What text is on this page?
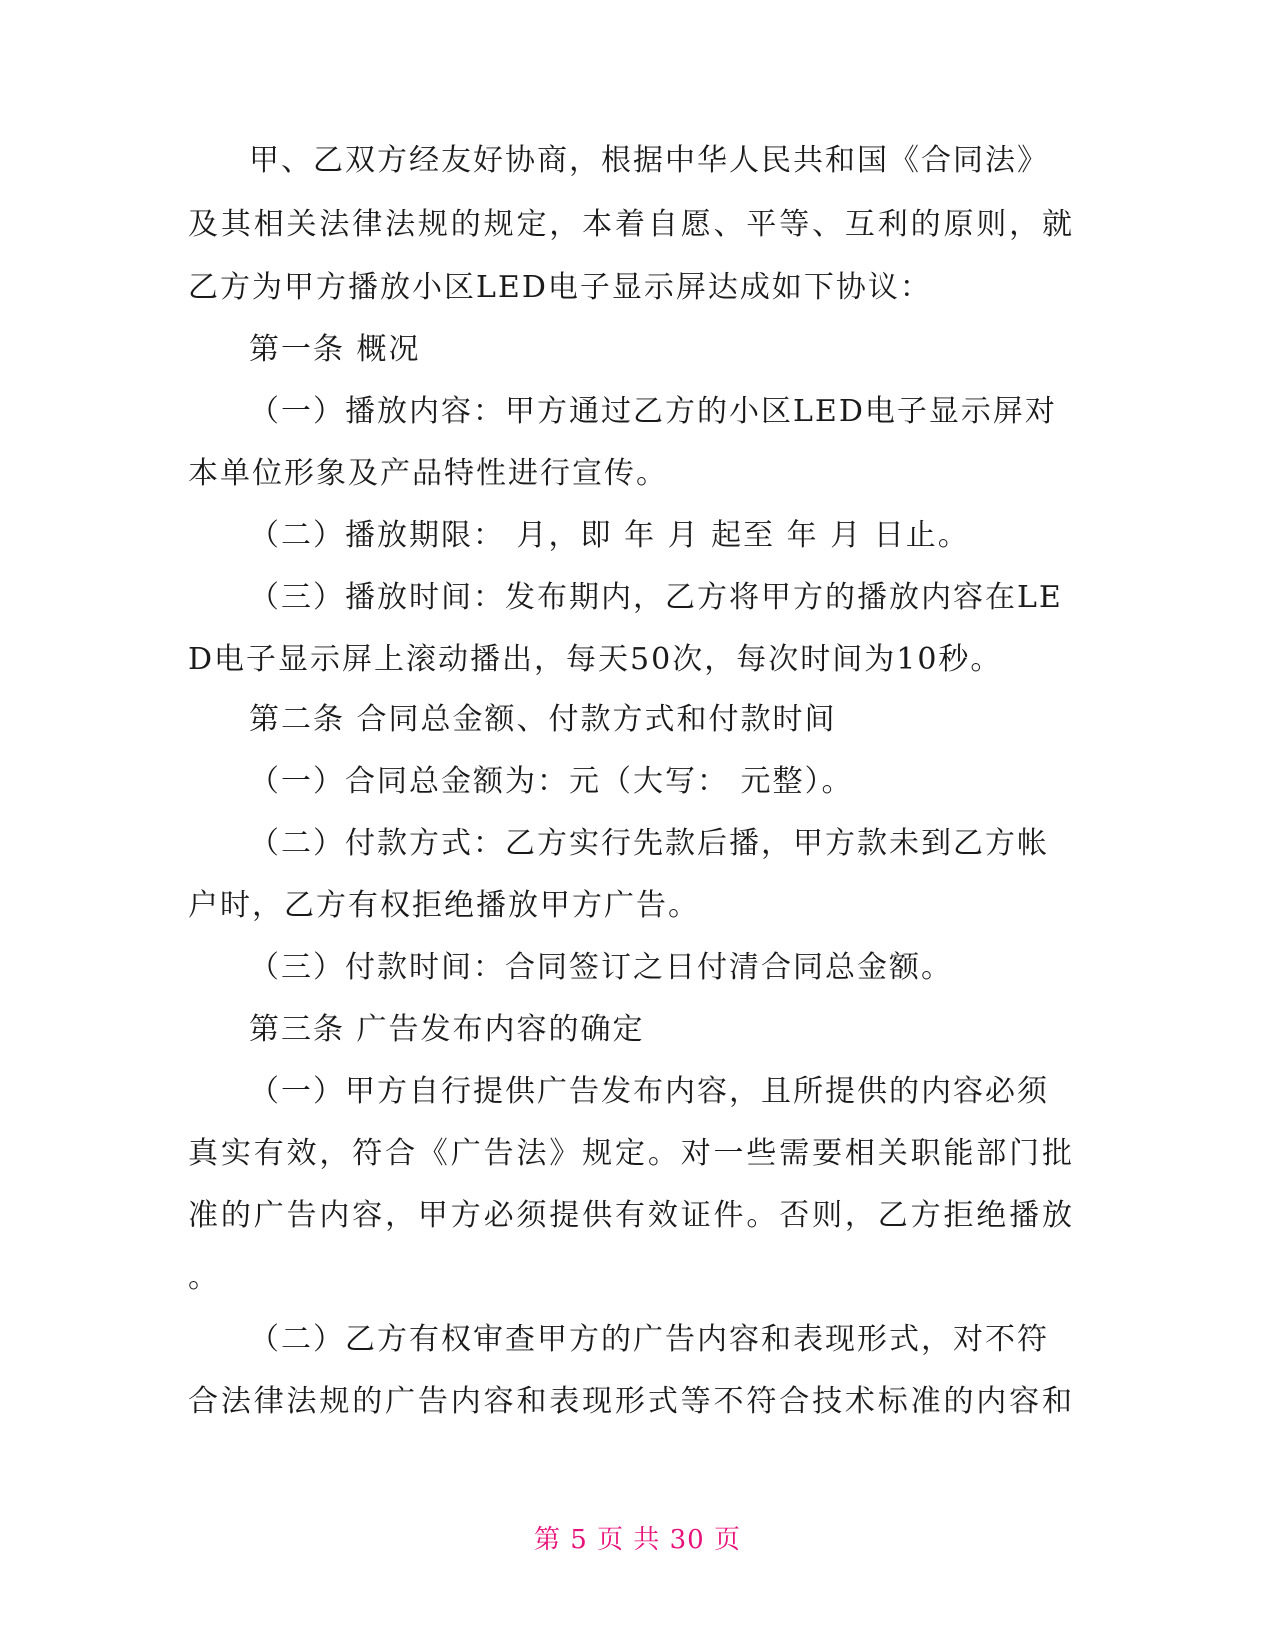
甲、乙双方经友好协商，根据中华人民共和国《合同法》
及其相关法律法规的规定，本着自愿、平等、互利的原则，就
乙方为甲方播放小区LED电子显示屏达成如下协议：
第一条 概况
（一）播放内容：甲方通过乙方的小区LED电子显示屏对
本单位形象及产品特性进行宣传。
（二）播放期限： 月，即 年 月 起至 年 月 日止。
（三）播放时间：发布期内，乙方将甲方的播放内容在LE
D电子显示屏上滚动播出，每天50次，每次时间为10秒。
第二条 合同总金额、付款方式和付款时间
（一）合同总金额为：元（大写： 元整）。
（二）付款方式：乙方实行先款后播，甲方款未到乙方帐
户时，乙方有权拒绝播放甲方广告。
（三）付款时间：合同签订之日付清合同总金额。
第三条 广告发布内容的确定
（一）甲方自行提供广告发布内容，且所提供的内容必须
真实有效，符合《广告法》规定。对一些需要相关职能部门批
准的广告内容，甲方必须提供有效证件。否则，乙方拒绝播放
。
（二）乙方有权审查甲方的广告内容和表现形式，对不符
合法律法规的广告内容和表现形式等不符合技术标准的内容和
第 5 页 共 30 页
